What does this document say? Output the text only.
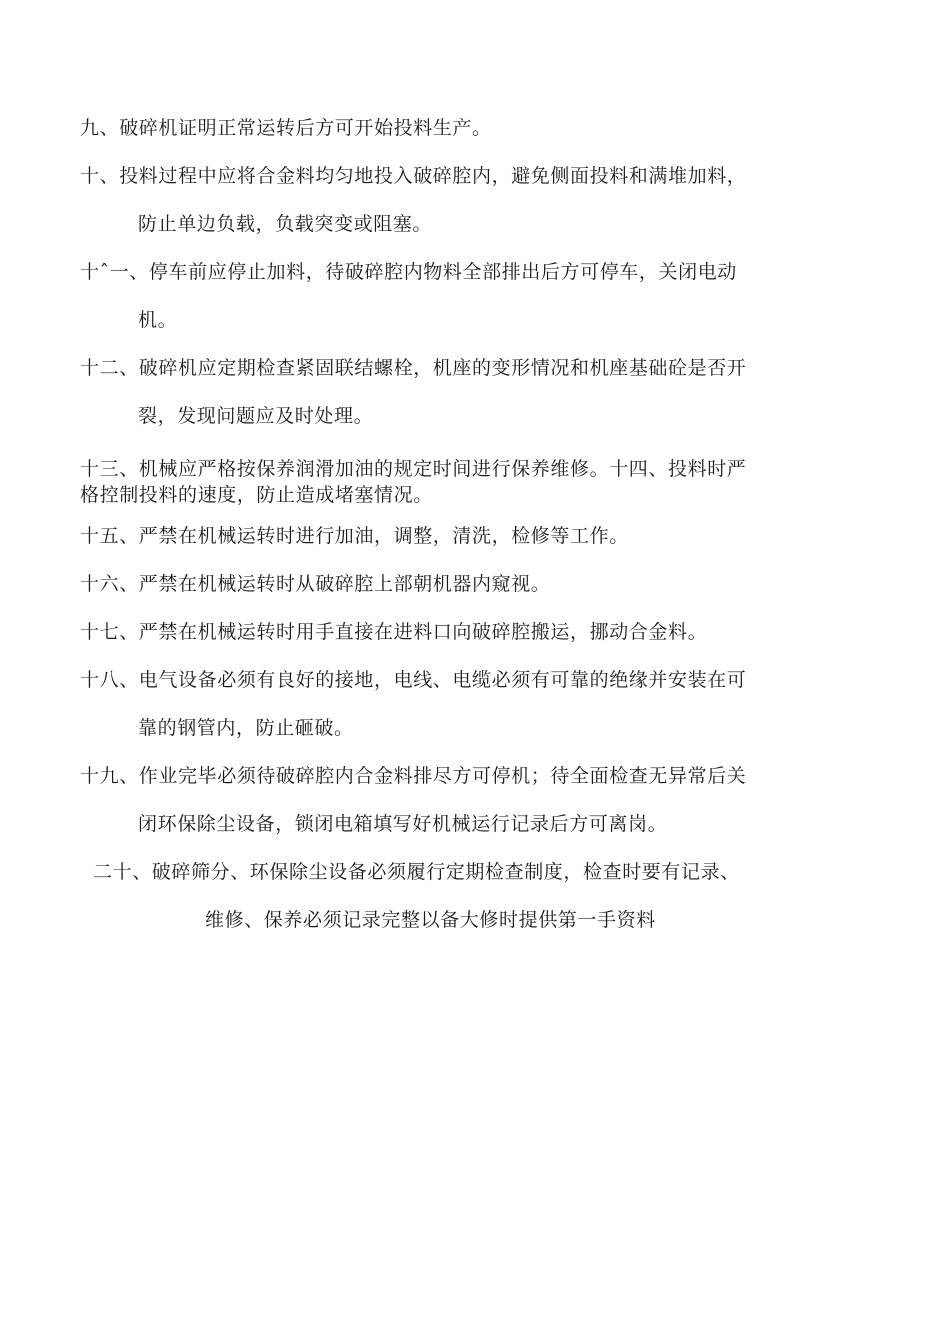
九、破碎机证明正常运转后方可开始投料生产。
十、投料过程中应将合金料均匀地投入破碎腔内，避免侧面投料和满堆加料，
防止单边负载，负载突变或阻塞。
十ˆ一、停车前应停止加料，待破碎腔内物料全部排出后方可停车，关闭电动
机。
十二、破碎机应定期检查紧固联结螺栓，机座的变形情况和机座基础砼是否开
裂，发现问题应及时处理。
十三、机械应严格按保养润滑加油的规定时间进行保养维修。十四、投料时严
格控制投料的速度，防止造成堵塞情况。
十五、严禁在机械运转时进行加油，调整，清洗，检修等工作。
十六、严禁在机械运转时从破碎腔上部朝机器内窥视。
十七、严禁在机械运转时用手直接在进料口向破碎腔搬运，挪动合金料。
十八、电气设备必须有良好的接地，电线、电缆必须有可靠的绝缘并安装在可
靠的钢管内，防止砸破。
十九、作业完毕必须待破碎腔内合金料排尽方可停机；待全面检查无异常后关
闭环保除尘设备，锁闭电箱填写好机械运行记录后方可离岗。
二十、破碎筛分、环保除尘设备必须履行定期检查制度，检查时要有记录、
维修、保养必须记录完整以备大修时提供第一手资料
